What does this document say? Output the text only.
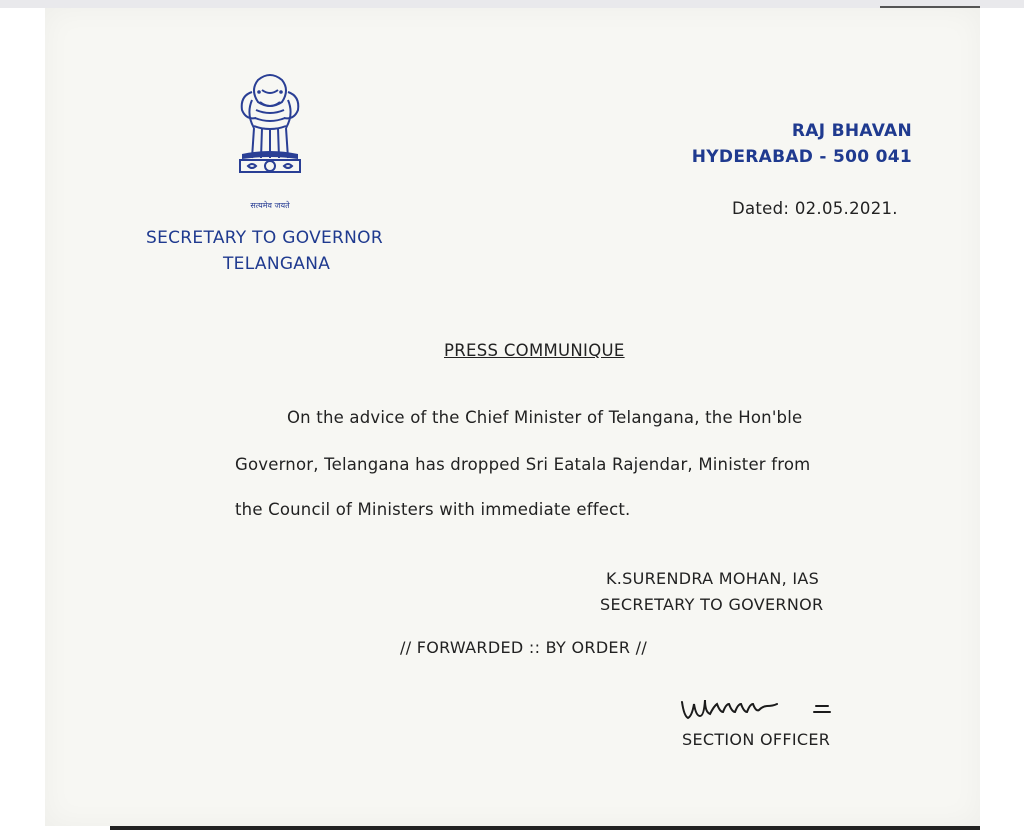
सत्यमेव जयते
SECRETARY TO GOVERNOR
TELANGANA
RAJ BHAVAN
HYDERABAD - 500 041
Dated: 02.05.2021.
PRESS COMMUNIQUE
On the advice of the Chief Minister of Telangana, the Hon'ble
Governor, Telangana has dropped Sri Eatala Rajendar, Minister from
the Council of Ministers with immediate effect.
K.SURENDRA MOHAN, IAS
SECRETARY TO GOVERNOR
// FORWARDED :: BY ORDER //
SECTION OFFICER
